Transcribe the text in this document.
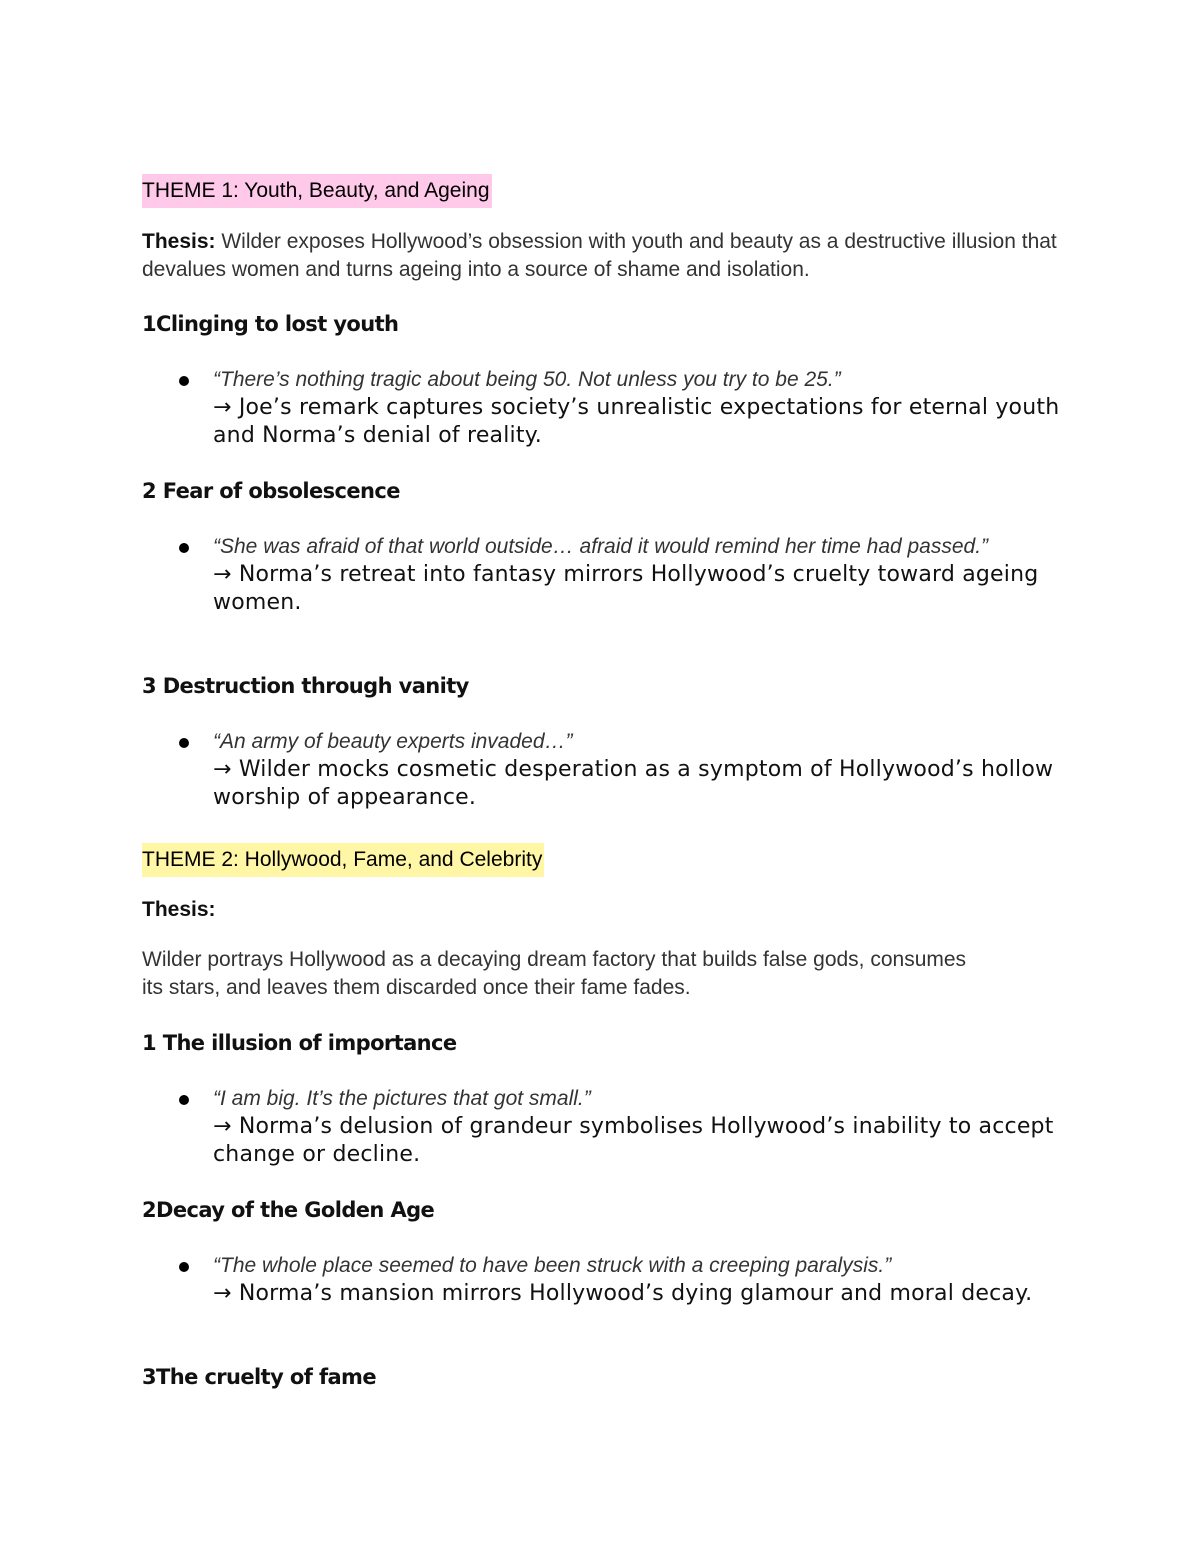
THEME 1: Youth, Beauty, and Ageing

Thesis: Wilder exposes Hollywood’s obsession with youth and beauty as a destructive illusion that devalues women and turns ageing into a source of shame and isolation.

1Clinging to lost youth

“There’s nothing tragic about being 50. Not unless you try to be 25.”
→ Joe’s remark captures society’s unrealistic expectations for eternal youth and Norma’s denial of reality.

2 Fear of obsolescence

“She was afraid of that world outside… afraid it would remind her time had passed.”
→ Norma’s retreat into fantasy mirrors Hollywood’s cruelty toward ageing women.

3 Destruction through vanity

“An army of beauty experts invaded…”
→ Wilder mocks cosmetic desperation as a symptom of Hollywood’s hollow worship of appearance.
THEME 2: Hollywood, Fame, and Celebrity

Thesis:

Wilder portrays Hollywood as a decaying dream factory that builds false gods, consumes its stars, and leaves them discarded once their fame fades.

1 The illusion of importance

“I am big. It’s the pictures that got small.”
→ Norma’s delusion of grandeur symbolises Hollywood’s inability to accept change or decline.

2Decay of the Golden Age

“The whole place seemed to have been struck with a creeping paralysis.”
→ Norma’s mansion mirrors Hollywood’s dying glamour and moral decay.

3The cruelty of fame
